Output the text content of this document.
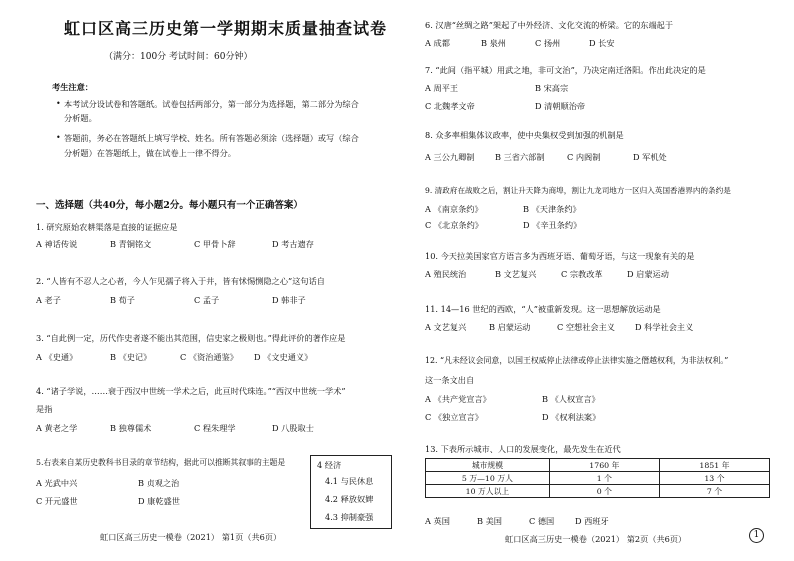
虹口区高三历史第一学期期末质量抽查试卷
（满分：100分 考试时间：60分钟）
考生注意：
• 本考试分设试卷和答题纸。试卷包括两部分，第一部分为选择题，第二部分为综合
分析题。
• 答题前，务必在答题纸上填写学校、姓名。所有答题必须涂（选择题）或写（综合
分析题）在答题纸上，做在试卷上一律不得分。
一、选择题（共40分，每小题2分。每小题只有一个正确答案）
1. 研究原始农耕渠落是直接的证据应是
A 神话传说	B 青铜铭文	C 甲骨卜辞	D 考古遗存
2. “人皆有不忍人之心者，今人乍见孺子将入于井，皆有怵惕恻隐之心”这句话自
A 老子	B 荀子	C 孟子	D 韩非子
3. “自此例一定，历代作史者遂不能出其范围，信史家之极则也。”得此评价的著作应是
A 《史通》	B 《史记》	C 《资治通鉴》 D 《文史通义》
4. “诸子学说，……衰于西汉中世统一学术之后，此亘时代珠连。”“西汉中世统一学术”
是指
A 黄老之学	B 独尊儒术	C 程朱理学	D 八股取士
5.右表来自某历史教科书目录的章节结构，据此可以推断其叙事的主题是
A 光武中兴	B 贞观之治
C 开元盛世	D 康乾盛世
4 经济
4.1 与民休息
4.2 释放奴婢
4.3 抑制豪强
虹口区高三历史一模卷（2021） 第1页（共6页）
6. 汉唐“丝绸之路”架起了中外经济、文化交流的桥梁。它的东端起于
A 成都	B 泉州	C 扬州	D 长安
7. “此间（指平城）用武之地，非可文治”，乃决定南迁洛阳。作出此决定的是
A 周平王	B 宋高宗
C 北魏孝文帝	D 清朝顺治帝
8. 众多率相集体议政率，使中央集权受到加强的机制是
A 三公九卿制	B 三省六部制	C 内阁制	D 军机处
9. 清政府在战败之后，割让升天降为商埠，割让九龙司地方一区归入英国香港界内的条约是
A 《南京条约》	B 《天津条约》
C 《北京条约》	D 《辛丑条约》
10. 今天拉美国家官方语言多为西班牙语、葡萄牙语，与这一现象有关的是
A 殖民统治	B 文艺复兴	C 宗教改革	D 启蒙运动
11. 14—16 世纪的西欧，“人”被重新发现。这一思想解放运动是
A 文艺复兴	B 启蒙运动	C 空想社会主义 D 科学社会主义
12. “凡未经议会同意，以国王权威停止法律或停止法律实施之僭越权利，为非法权利。”
这一条文出自
A 《共产党宣言》	B 《人权宣言》
C 《独立宣言》	D 《权利法案》
13. 下表所示城市、人口的发展变化，最先发生在近代
城市规模	1760 年	1851 年
5 万—10 万人	1 个	13 个
10 万人以上	0 个	7 个
A 英国	B 美国	C 德国	D 西班牙
虹口区高三历史一模卷（2021） 第2页（共6页）	1
